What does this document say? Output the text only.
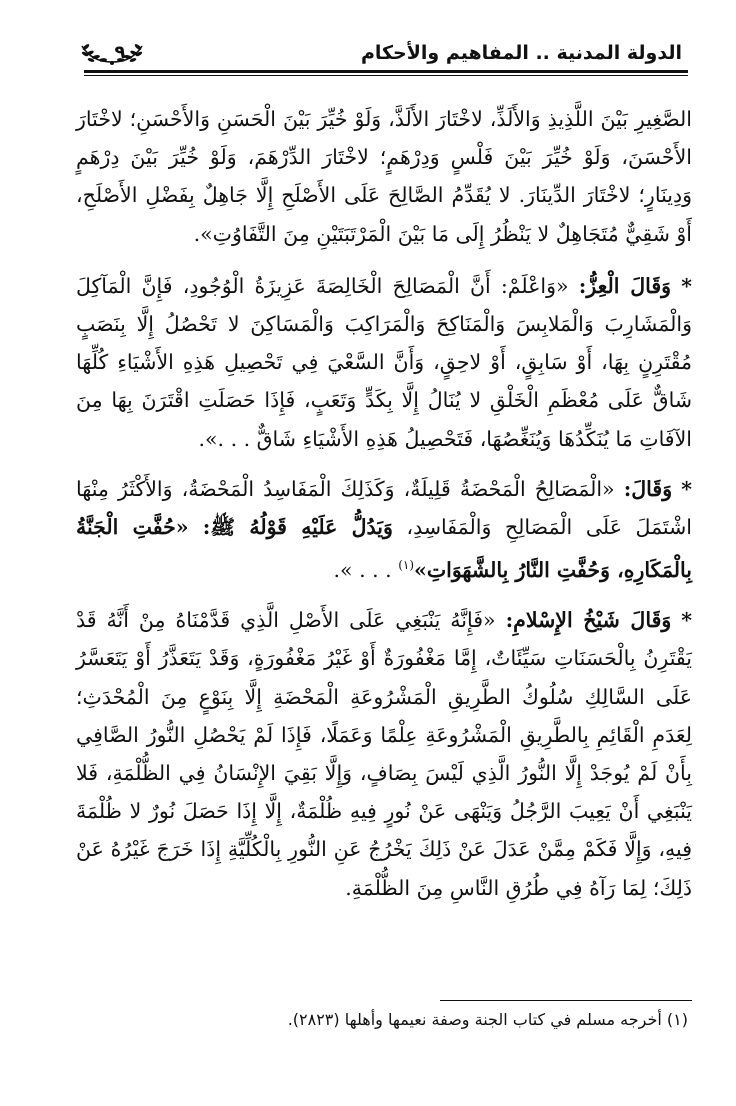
الدولة المدنية .. المفاهيم والأحكام
٩

الصَّغِيرِ بَيْنَ اللَّذِيذِ وَالأَلَذِّ، لاخْتَارَ الأَلَذَّ، وَلَوْ خُيِّرَ بَيْنَ الْحَسَنِ وَالأَحْسَنِ؛ لاخْتَارَ الأَحْسَنَ، وَلَوْ خُيِّرَ بَيْنَ فَلْسٍ وَدِرْهَمٍ؛ لاخْتَارَ الدِّرْهَمَ، وَلَوْ خُيِّرَ بَيْنَ دِرْهَمٍ وَدِينَارٍ؛ لاخْتَارَ الدِّينَارَ. لا يُقَدِّمُ الصَّالِحَ عَلَى الأَصْلَحِ إِلَّا جَاهِلٌ بِفَضْلِ الأَصْلَحِ، أَوْ شَقِيٌّ مُتَجَاهِلٌ لا يَنْظُرُ إِلَى مَا بَيْنَ الْمَرْتَبَتَيْنِ مِنَ التَّفَاوُتِ».

* وَقَالَ الْعِزُّ: «وَاعْلَمْ: أَنَّ الْمَصَالِحَ الْخَالِصَةَ عَزِيزَةُ الْوُجُودِ، فَإِنَّ الْمَآكِلَ وَالْمَشَارِبَ وَالْمَلابِسَ وَالْمَنَاكِحَ وَالْمَرَاكِبَ وَالْمَسَاكِنَ لا تَحْصُلُ إِلَّا بِنَصَبٍ مُقْتَرِنٍ بِهَا، أَوْ سَابِقٍ، أَوْ لاحِقٍ، وَأَنَّ السَّعْيَ فِي تَحْصِيلِ هَذِهِ الأَشْيَاءِ كُلِّهَا شَاقٌّ عَلَى مُعْظَمِ الْخَلْقِ لا يُنَالُ إِلَّا بِكَدٍّ وَتَعَبٍ، فَإِذَا حَصَلَتِ اقْتَرَنَ بِهَا مِنَ الآفَاتِ مَا يُنَكِّدُهَا وَيُنَغِّصُهَا، فَتَحْصِيلُ هَذِهِ الأَشْيَاءِ شَاقٌّ . . .».

* وَقَالَ: «الْمَصَالِحُ الْمَحْضَةُ قَلِيلَةٌ، وَكَذَلِكَ الْمَفَاسِدُ الْمَحْضَةُ، وَالأَكْثَرُ مِنْهَا اشْتَمَلَ عَلَى الْمَصَالِحِ وَالْمَفَاسِدِ، وَيَدُلُّ عَلَيْهِ قَوْلُهُ ﷺ: «حُفَّتِ الْجَنَّةُ بِالْمَكَارِهِ، وَحُفَّتِ النَّارُ بِالشَّهَوَاتِ»$^{(١)}$ . . . ».

* وَقَالَ شَيْخُ الإِسْلامِ: «فَإِنَّهُ يَنْبَغِي عَلَى الأَصْلِ الَّذِي قَدَّمْنَاهُ مِنْ أَنَّهُ قَدْ يَقْتَرِنُ بِالْحَسَنَاتِ سَيِّئَاتٌ، إِمَّا مَغْفُورَةٌ أَوْ غَيْرُ مَغْفُورَةٍ، وَقَدْ يَتَعَذَّرُ أَوْ يَتَعَسَّرُ عَلَى السَّالِكِ سُلُوكُ الطَّرِيقِ الْمَشْرُوعَةِ الْمَحْضَةِ إِلَّا بِنَوْعٍ مِنَ الْمُحْدَثِ؛ لِعَدَمِ الْقَائِمِ بِالطَّرِيقِ الْمَشْرُوعَةِ عِلْمًا وَعَمَلًا، فَإِذَا لَمْ يَحْصُلِ النُّورُ الصَّافِي بِأَنْ لَمْ يُوجَدْ إِلَّا النُّورُ الَّذِي لَيْسَ بِصَافٍ، وَإِلَّا بَقِيَ الإِنْسَانُ فِي الظُّلْمَةِ، فَلا يَنْبَغِي أَنْ يَعِيبَ الرَّجُلُ وَيَنْهَى عَنْ نُورٍ فِيهِ ظُلْمَةٌ، إِلَّا إِذَا حَصَلَ نُورٌ لا ظُلْمَةَ فِيهِ، وَإِلَّا فَكَمْ مِمَّنْ عَدَلَ عَنْ ذَلِكَ يَخْرُجُ عَنِ النُّورِ بِالْكُلِّيَّةِ إِذَا خَرَجَ غَيْرُهُ عَنْ ذَلِكَ؛ لِمَا رَآهُ فِي طُرُقِ النَّاسِ مِنَ الظُّلْمَةِ.

(١) أخرجه مسلم في كتاب الجنة وصفة نعيمها وأهلها (٢٨٢٣).
